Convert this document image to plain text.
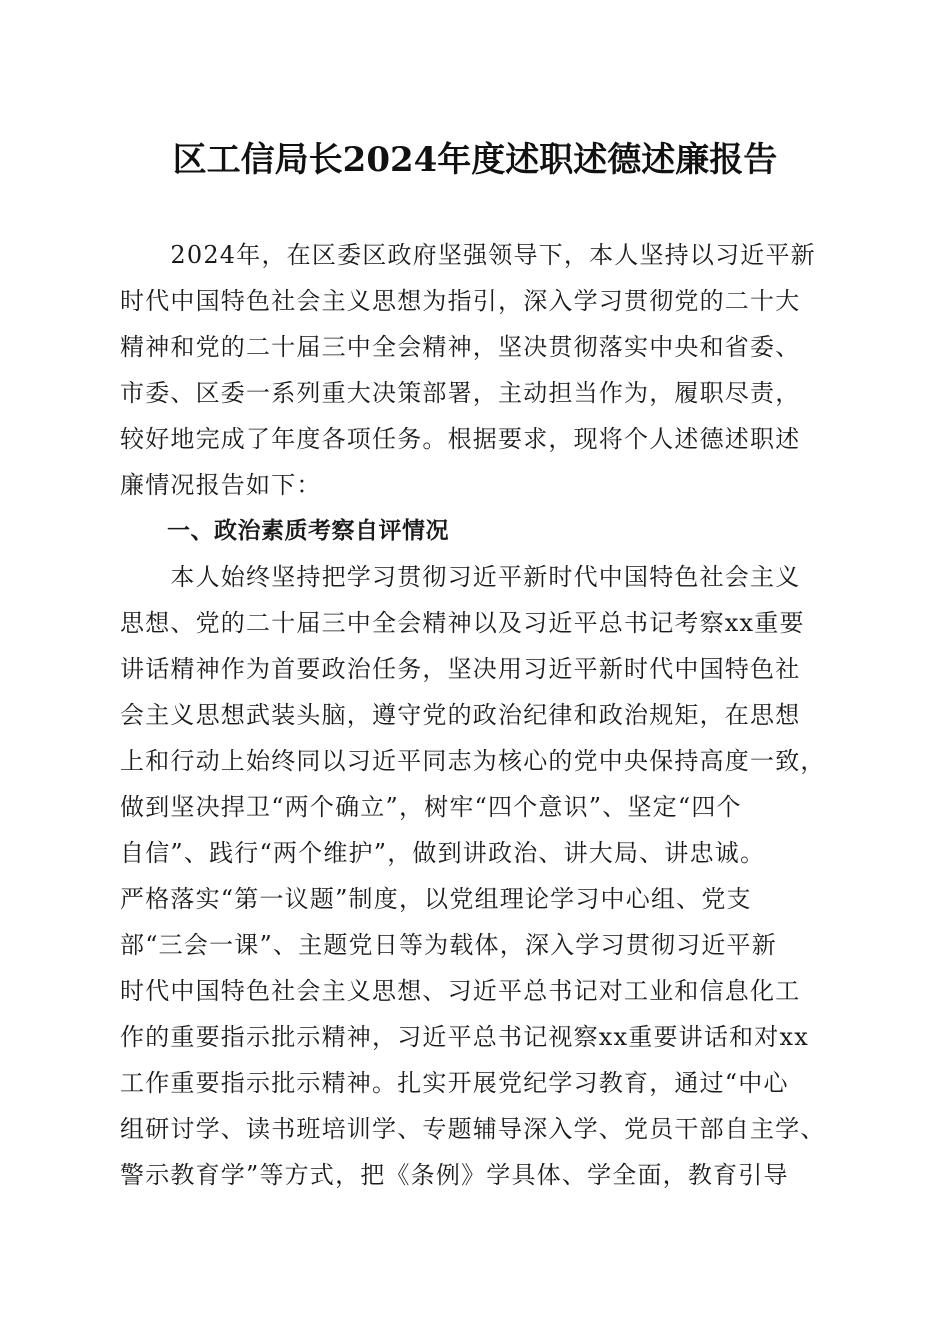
区工信局长2024年度述职述德述廉报告
　　2024年，在区委区政府坚强领导下，本人坚持以习近平新
时代中国特色社会主义思想为指引，深入学习贯彻党的二十大
精神和党的二十届三中全会精神，坚决贯彻落实中央和省委、
市委、区委一系列重大决策部署，主动担当作为，履职尽责，
较好地完成了年度各项任务。根据要求，现将个人述德述职述
廉情况报告如下：
　　一、政治素质考察自评情况
　　本人始终坚持把学习贯彻习近平新时代中国特色社会主义
思想、党的二十届三中全会精神以及习近平总书记考察xx重要
讲话精神作为首要政治任务，坚决用习近平新时代中国特色社
会主义思想武装头脑，遵守党的政治纪律和政治规矩，在思想
上和行动上始终同以习近平同志为核心的党中央保持高度一致，
做到坚决捍卫“两个确立”，树牢“四个意识”、坚定“四个
自信”、践行“两个维护”，做到讲政治、讲大局、讲忠诚。
严格落实“第一议题”制度，以党组理论学习中心组、党支
部“三会一课”、主题党日等为载体，深入学习贯彻习近平新
时代中国特色社会主义思想、习近平总书记对工业和信息化工
作的重要指示批示精神，习近平总书记视察xx重要讲话和对xx
工作重要指示批示精神。扎实开展党纪学习教育，通过“中心
组研讨学、读书班培训学、专题辅导深入学、党员干部自主学、
警示教育学”等方式，把《条例》学具体、学全面，教育引导
